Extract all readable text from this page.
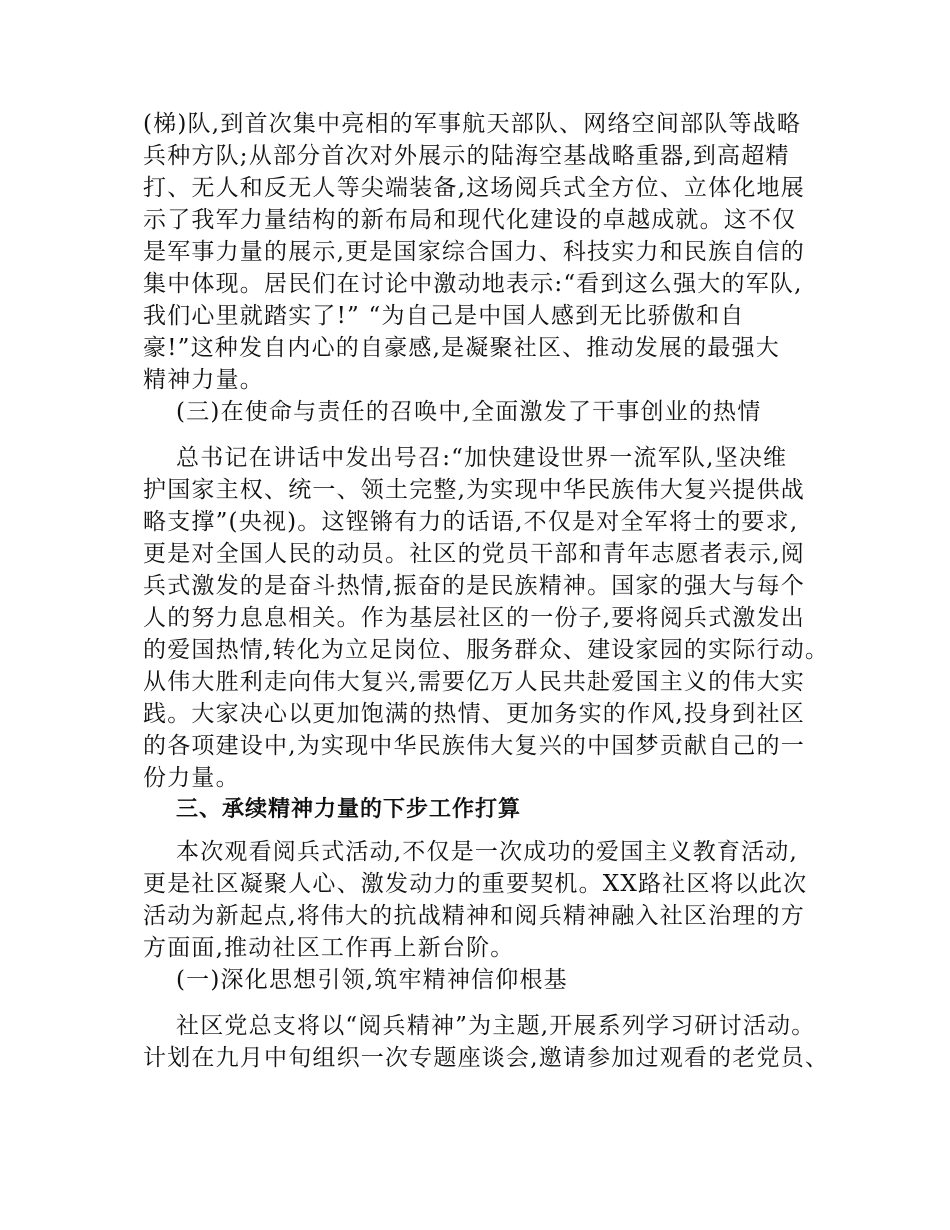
(梯)队,到首次集中亮相的军事航天部队、网络空间部队等战略
兵种方队;从部分首次对外展示的陆海空基战略重器,到高超精
打、无人和反无人等尖端装备,这场阅兵式全方位、立体化地展
示了我军力量结构的新布局和现代化建设的卓越成就。这不仅
是军事力量的展示,更是国家综合国力、科技实力和民族自信的
集中体现。居民们在讨论中激动地表示:“看到这么强大的军队,
我们心里就踏实了!” “为自己是中国人感到无比骄傲和自
豪!”这种发自内心的自豪感,是凝聚社区、推动发展的最强大
精神力量。
(三)在使命与责任的召唤中,全面激发了干事创业的热情
总书记在讲话中发出号召:“加快建设世界一流军队,坚决维
护国家主权、统一、领土完整,为实现中华民族伟大复兴提供战
略支撑”(央视)。这铿锵有力的话语,不仅是对全军将士的要求,
更是对全国人民的动员。社区的党员干部和青年志愿者表示,阅
兵式激发的是奋斗热情,振奋的是民族精神。国家的强大与每个
人的努力息息相关。作为基层社区的一份子,要将阅兵式激发出
的爱国热情,转化为立足岗位、服务群众、建设家园的实际行动。
从伟大胜利走向伟大复兴,需要亿万人民共赴爱国主义的伟大实
践。大家决心以更加饱满的热情、更加务实的作风,投身到社区
的各项建设中,为实现中华民族伟大复兴的中国梦贡献自己的一
份力量。
三、承续精神力量的下步工作打算
本次观看阅兵式活动,不仅是一次成功的爱国主义教育活动,
更是社区凝聚人心、激发动力的重要契机。XX路社区将以此次
活动为新起点,将伟大的抗战精神和阅兵精神融入社区治理的方
方面面,推动社区工作再上新台阶。
(一)深化思想引领,筑牢精神信仰根基
社区党总支将以“阅兵精神”为主题,开展系列学习研讨活动。
计划在九月中旬组织一次专题座谈会,邀请参加过观看的老党员、
